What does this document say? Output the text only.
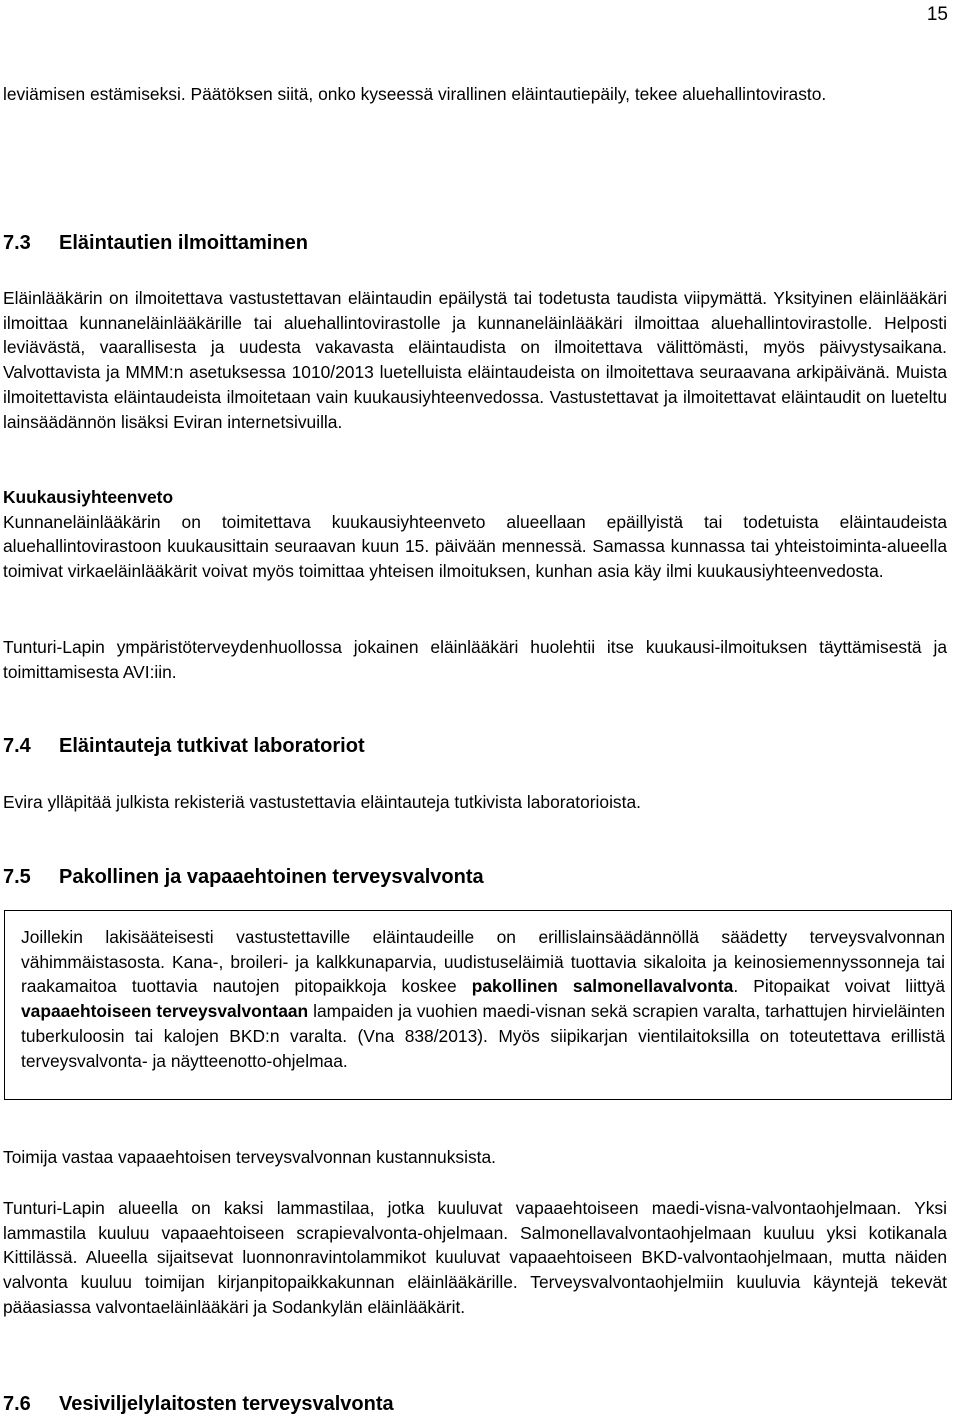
15

leviämisen estämiseksi. Päätöksen siitä, onko kyseessä virallinen eläintautiepäily, tekee aluehallintovirasto.

7.3 Eläintautien ilmoittaminen

Eläinlääkärin on ilmoitettava vastustettavan eläintaudin epäilystä tai todetusta taudista viipymättä. Yksityinen eläinlääkäri ilmoittaa kunnaneläinlääkärille tai aluehallintovirastolle ja kunnaneläinlääkäri ilmoittaa aluehallintovirastolle. Helposti leviävästä, vaarallisesta ja uudesta vakavasta eläintaudista on ilmoitettava välittömästi, myös päivystysaikana. Valvottavista ja MMM:n asetuksessa 1010/2013 luetelluista eläintaudeista on ilmoitettava seuraavana arkipäivänä. Muista ilmoitettavista eläintaudeista ilmoitetaan vain kuukausiyhteenvedossa. Vastustettavat ja ilmoitettavat eläintaudit on lueteltu lainsäädännön lisäksi Eviran internetsivuilla.

Kuukausiyhteenveto
Kunnaneläinlääkärin on toimitettava kuukausiyhteenveto alueellaan epäillyistä tai todetuista eläintaudeista aluehallintovirastoon kuukausittain seuraavan kuun 15. päivään mennessä. Samassa kunnassa tai yhteistoiminta-alueella toimivat virkaeläinlääkärit voivat myös toimittaa yhteisen ilmoituksen, kunhan asia käy ilmi kuukausiyhteenvedosta.

Tunturi-Lapin ympäristöterveydenhuollossa jokainen eläinlääkäri huolehtii itse kuukausi-ilmoituksen täyttämisestä ja toimittamisesta AVI:iin.

7.4 Eläintauteja tutkivat laboratoriot

Evira ylläpitää julkista rekisteriä vastustettavia eläintauteja tutkivista laboratorioista.

7.5 Pakollinen ja vapaaehtoinen terveysvalvonta

Joillekin lakisääteisesti vastustettaville eläintaudeille on erillislainsäädännöllä säädetty terveysvalvonnan vähimmäistasosta. Kana-, broileri- ja kalkkunaparvia, uudistuseläimiä tuottavia sikaloita ja keinosiemennyssonneja tai raakamaitoa tuottavia nautojen pitopaikkoja koskee pakollinen salmonellavalvonta. Pitopaikat voivat liittyä vapaaehtoiseen terveysvalvontaan lampaiden ja vuohien maedi-visnan sekä scrapien varalta, tarhattujen hirvieläinten tuberkuloosin tai kalojen BKD:n varalta. (Vna 838/2013). Myös siipikarjan vientilaitoksilla on toteutettava erillistä terveysvalvonta- ja näytteenotto-ohjelmaa.

Toimija vastaa vapaaehtoisen terveysvalvonnan kustannuksista.

Tunturi-Lapin alueella on kaksi lammastilaa, jotka kuuluvat vapaaehtoiseen maedi-visna-valvontaohjelmaan. Yksi lammastila kuuluu vapaaehtoiseen scrapievalvonta-ohjelmaan. Salmonellavalvontaohjelmaan kuuluu yksi kotikanala Kittilässä. Alueella sijaitsevat luonnonravintolammikot kuuluvat vapaaehtoiseen BKD-valvontaohjelmaan, mutta näiden valvonta kuuluu toimijan kirjanpitopaikkakunnan eläinlääkärille. Terveysvalvontaohjelmiin kuuluvia käyntejä tekevät pääasiassa valvontaeläinlääkäri ja Sodankylän eläinlääkärit.

7.6 Vesiviljelylaitosten terveysvalvonta
